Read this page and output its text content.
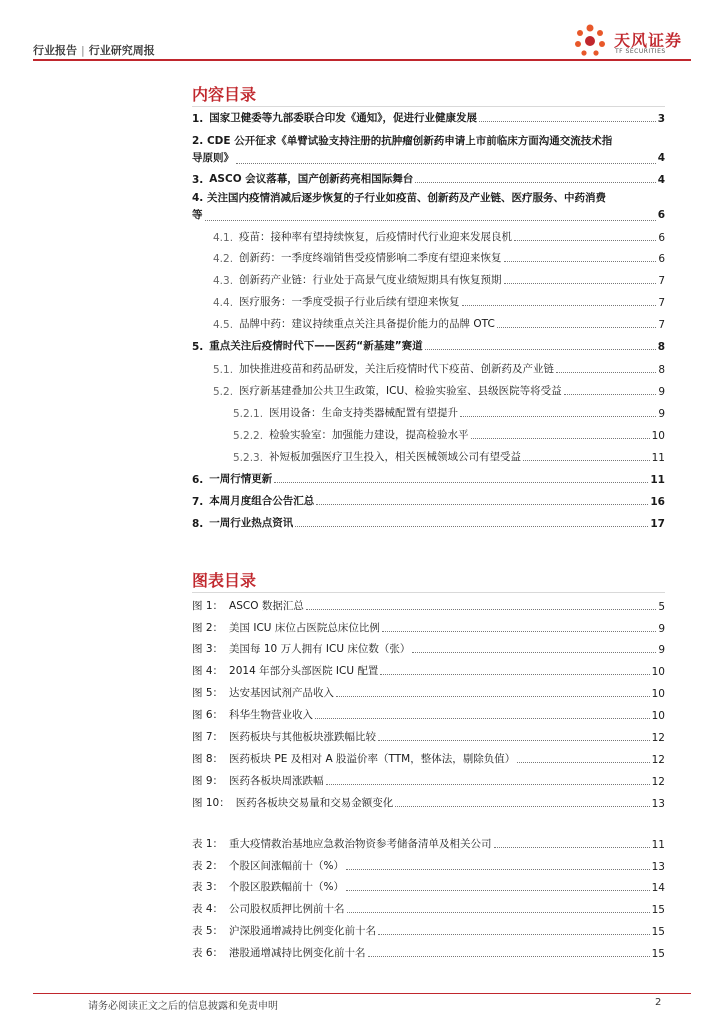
行业报告 | 行业研究周报
天风证券
TF SECURITIES
内容目录
1. 国家卫健委等九部委联合印发《通知》，促进行业健康发展	3
2. CDE 公开征求《单臂试验支持注册的抗肿瘤创新药申请上市前临床方面沟通交流技术指
导原则》	4
3. ASCO 会议落幕，国产创新药亮相国际舞台	4
4. 关注国内疫情消减后逐步恢复的子行业如疫苗、创新药及产业链、医疗服务、中药消费
等	6
4.1. 疫苗：接种率有望持续恢复，后疫情时代行业迎来发展良机	6
4.2. 创新药：一季度终端销售受疫情影响二季度有望迎来恢复	6
4.3. 创新药产业链：行业处于高景气度业绩短期具有恢复预期	7
4.4. 医疗服务：一季度受损子行业后续有望迎来恢复	7
4.5. 品牌中药：建议持续重点关注具备提价能力的品牌 OTC	7
5. 重点关注后疫情时代下——医药“新基建”赛道	8
5.1. 加快推进疫苗和药品研发，关注后疫情时代下疫苗、创新药及产业链	8
5.2. 医疗新基建叠加公共卫生政策，ICU、检验实验室、县级医院等将受益	9
5.2.1. 医用设备：生命支持类器械配置有望提升	9
5.2.2. 检验实验室：加强能力建设，提高检验水平	10
5.2.3. 补短板加强医疗卫生投入，相关医械领域公司有望受益	11
6. 一周行情更新	11
7. 本周月度组合公告汇总	16
8. 一周行业热点资讯	17
图表目录
图 1： ASCO 数据汇总	5
图 2： 美国 ICU 床位占医院总床位比例	9
图 3： 美国每 10 万人拥有 ICU 床位数（张）	9
图 4： 2014 年部分头部医院 ICU 配置	10
图 5： 达安基因试剂产品收入	10
图 6： 科华生物营业收入	10
图 7： 医药板块与其他板块涨跌幅比较	12
图 8： 医药板块 PE 及相对 A 股溢价率（TTM，整体法，剔除负值）	12
图 9： 医药各板块周涨跌幅	12
图 10： 医药各板块交易量和交易金额变化	13
表 1： 重大疫情救治基地应急救治物资参考储备清单及相关公司	11
表 2： 个股区间涨幅前十（%）	13
表 3： 个股区股跌幅前十（%）	14
表 4： 公司股权质押比例前十名	15
表 5： 沪深股通增减持比例变化前十名	15
表 6： 港股通增减持比例变化前十名	15
请务必阅读正文之后的信息披露和免责申明	2
